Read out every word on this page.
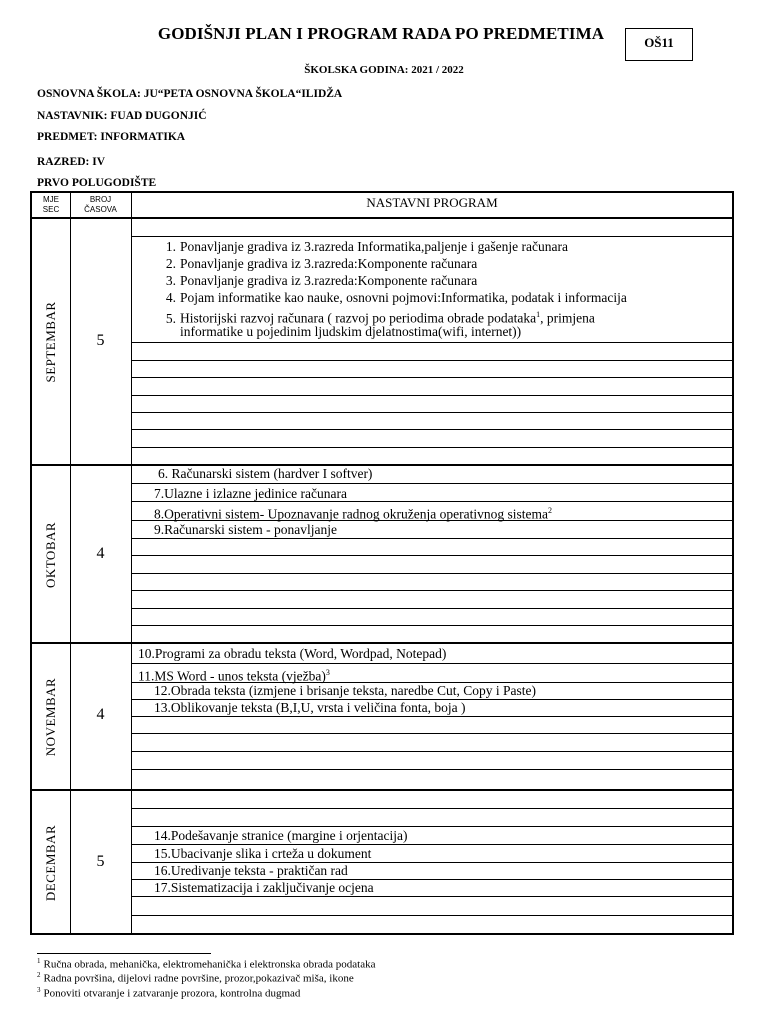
GODIŠNJI PLAN I PROGRAM RADA PO PREDMETIMA	OŠ11
ŠKOLSKA GODINA: 2021 / 2022
OSNOVNA ŠKOLA: JU“PETA OSNOVNA ŠKOLA“ILIDŽA
NASTAVNIK: FUAD DUGONJIĆ
PREDMET: INFORMATIKA
RAZRED: IV
PRVO POLUGODIŠTE
MJE
SEC
BROJ
ČASOVA	NASTAVNI PROGRAM
SEPTEMBAR	5
1. Ponavljanje gradiva iz 3.razreda Informatika,paljenje i gašenje računara
2. Ponavljanje gradiva iz 3.razreda:Komponente računara
3. Ponavljanje gradiva iz 3.razreda:Komponente računara
4. Pojam informatike kao nauke, osnovni pojmovi:Informatika, podatak i informacija
5. Historijski razvoj računara ( razvoj po periodima obrade podataka$^1$, primjena
informatike u pojedinim ljudskim djelatnostima(wifi, internet))
OKTOBAR	4
6. Računarski sistem (hardver I softver)
7.Ulazne i izlazne jedinice računara
8.Operativni sistem- Upoznavanje radnog okruženja operativnog sistema$^2$
9.Računarski sistem - ponavljanje
NOVEMBAR	4
10.Programi za obradu teksta (Word, Wordpad, Notepad)
11.MS Word - unos teksta (vježba)$^3$
12.Obrada teksta (izmjene i brisanje teksta, naredbe Cut, Copy i Paste)
13.Oblikovanje teksta (B,I,U, vrsta i veličina fonta, boja )
DECEMBAR	5
14.Podešavanje stranice (margine i orjentacija)
15.Ubacivanje slika i crteža u dokument
16.Uredivanje teksta - praktičan rad
17.Sistematizacija i zaključivanje ocjena
$^1$ Ručna obrada, mehanička, elektromehanička i elektronska obrada podataka
$^2$ Radna površina, dijelovi radne površine, prozor,pokazivač miša, ikone
$^3$ Ponoviti otvaranje i zatvaranje prozora, kontrolna dugmad
